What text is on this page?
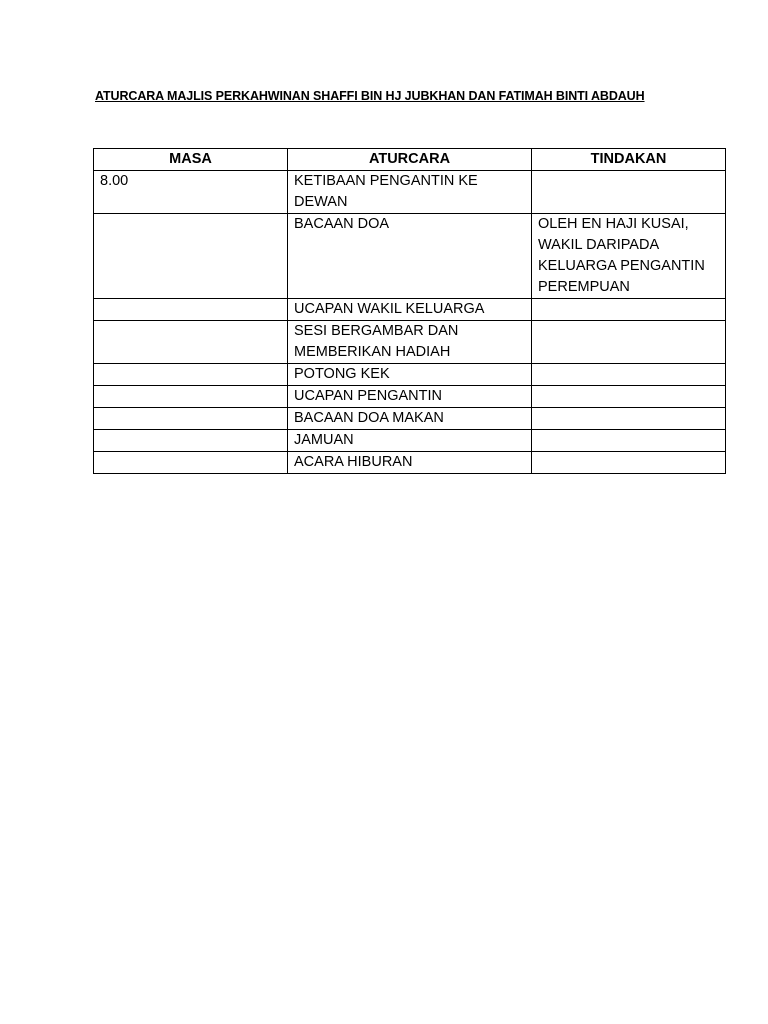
ATURCARA MAJLIS PERKAHWINAN SHAFFI BIN HJ JUBKHAN DAN FATIMAH BINTI ABDAUH
MASA	ATURCARA	TINDAKAN

8.00	KETIBAAN PENGANTIN KE DEWAN	

	BACAAN DOA	OLEH EN HAJI KUSAI, WAKIL DARIPADA KELUARGA PENGANTIN PEREMPUAN

	UCAPAN WAKIL KELUARGA	

	SESI BERGAMBAR DAN MEMBERIKAN HADIAH	

	POTONG KEK	

	UCAPAN PENGANTIN	

	BACAAN DOA MAKAN	

	JAMUAN	

	ACARA HIBURAN	
